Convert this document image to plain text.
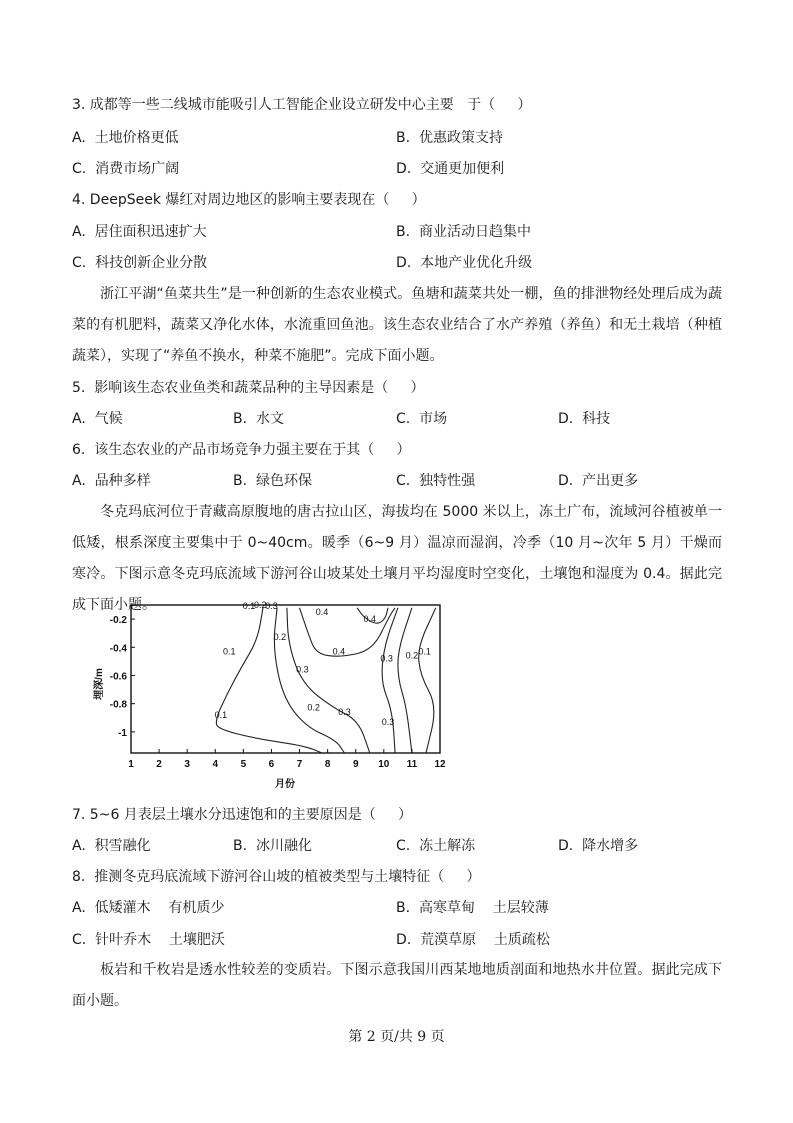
3. 成都等一些二线城市能吸引人工智能企业设立研发中心主要   于（     ）
A.  土地价格更低	B.  优惠政策支持
C.  消费市场广阔	D.  交通更加便利
4. DeepSeek 爆红对周边地区的影响主要表现在（     ）
A.  居住面积迅速扩大	B.  商业活动日趋集中
C.  科技创新企业分散	D.  本地产业优化升级
浙江平湖“鱼菜共生”是一种创新的生态农业模式。鱼塘和蔬菜共处一棚，鱼的排泄物经处理后成为蔬菜的有机肥料，蔬菜又净化水体，水流重回鱼池。该生态农业结合了水产养殖（养鱼）和无土栽培（种植蔬菜），实现了“养鱼不换水，种菜不施肥”。完成下面小题。
5.  影响该生态农业鱼类和蔬菜品种的主导因素是（     ）
A.  气候	B.  水文	C.  市场	D.  科技
6.  该生态农业的产品市场竞争力强主要在于其（     ）
A.  品种多样	B.  绿色环保	C.  独特性强	D.  产出更多
冬克玛底河位于青藏高原腹地的唐古拉山区，海拔均在 5000 米以上，冻土广布，流域河谷植被单一低矮，根系深度主要集中于 0~40cm。暖季（6~9 月）温凉而湿润，冷季（10 月~次年 5 月）干燥而寒冷。下图示意冬克玛底流域下游河谷山坡某处土壤月平均湿度时空变化，土壤饱和湿度为 0.4。据此完成下面小题。	0.1
0.2
0.3
0.4
0.4
0.4
0.1
0.2
0.3
0.2 0.3
0.1
0.3 0.2 0.1
0.3
-0.2
-0.4
-0.6
-0.8
-1
1 2 3 4 5 6 7 8 9 10 11 12
埋深/m
月份
7. 5~6 月表层土壤水分迅速饱和的主要原因是（     ）
A.  积雪融化	B.  冰川融化	C.  冻土解冻	D.  降水增多
8.  推测冬克玛底流域下游河谷山坡的植被类型与土壤特征（     ）
A.  低矮灌木    有机质少	B.  高寒草甸    土层较薄
C.  针叶乔木    土壤肥沃	D.  荒漠草原    土质疏松
板岩和千枚岩是透水性较差的变质岩。下图示意我国川西某地地质剖面和地热水井位置。据此完成下面小题。
第 2 页/共 9 页
